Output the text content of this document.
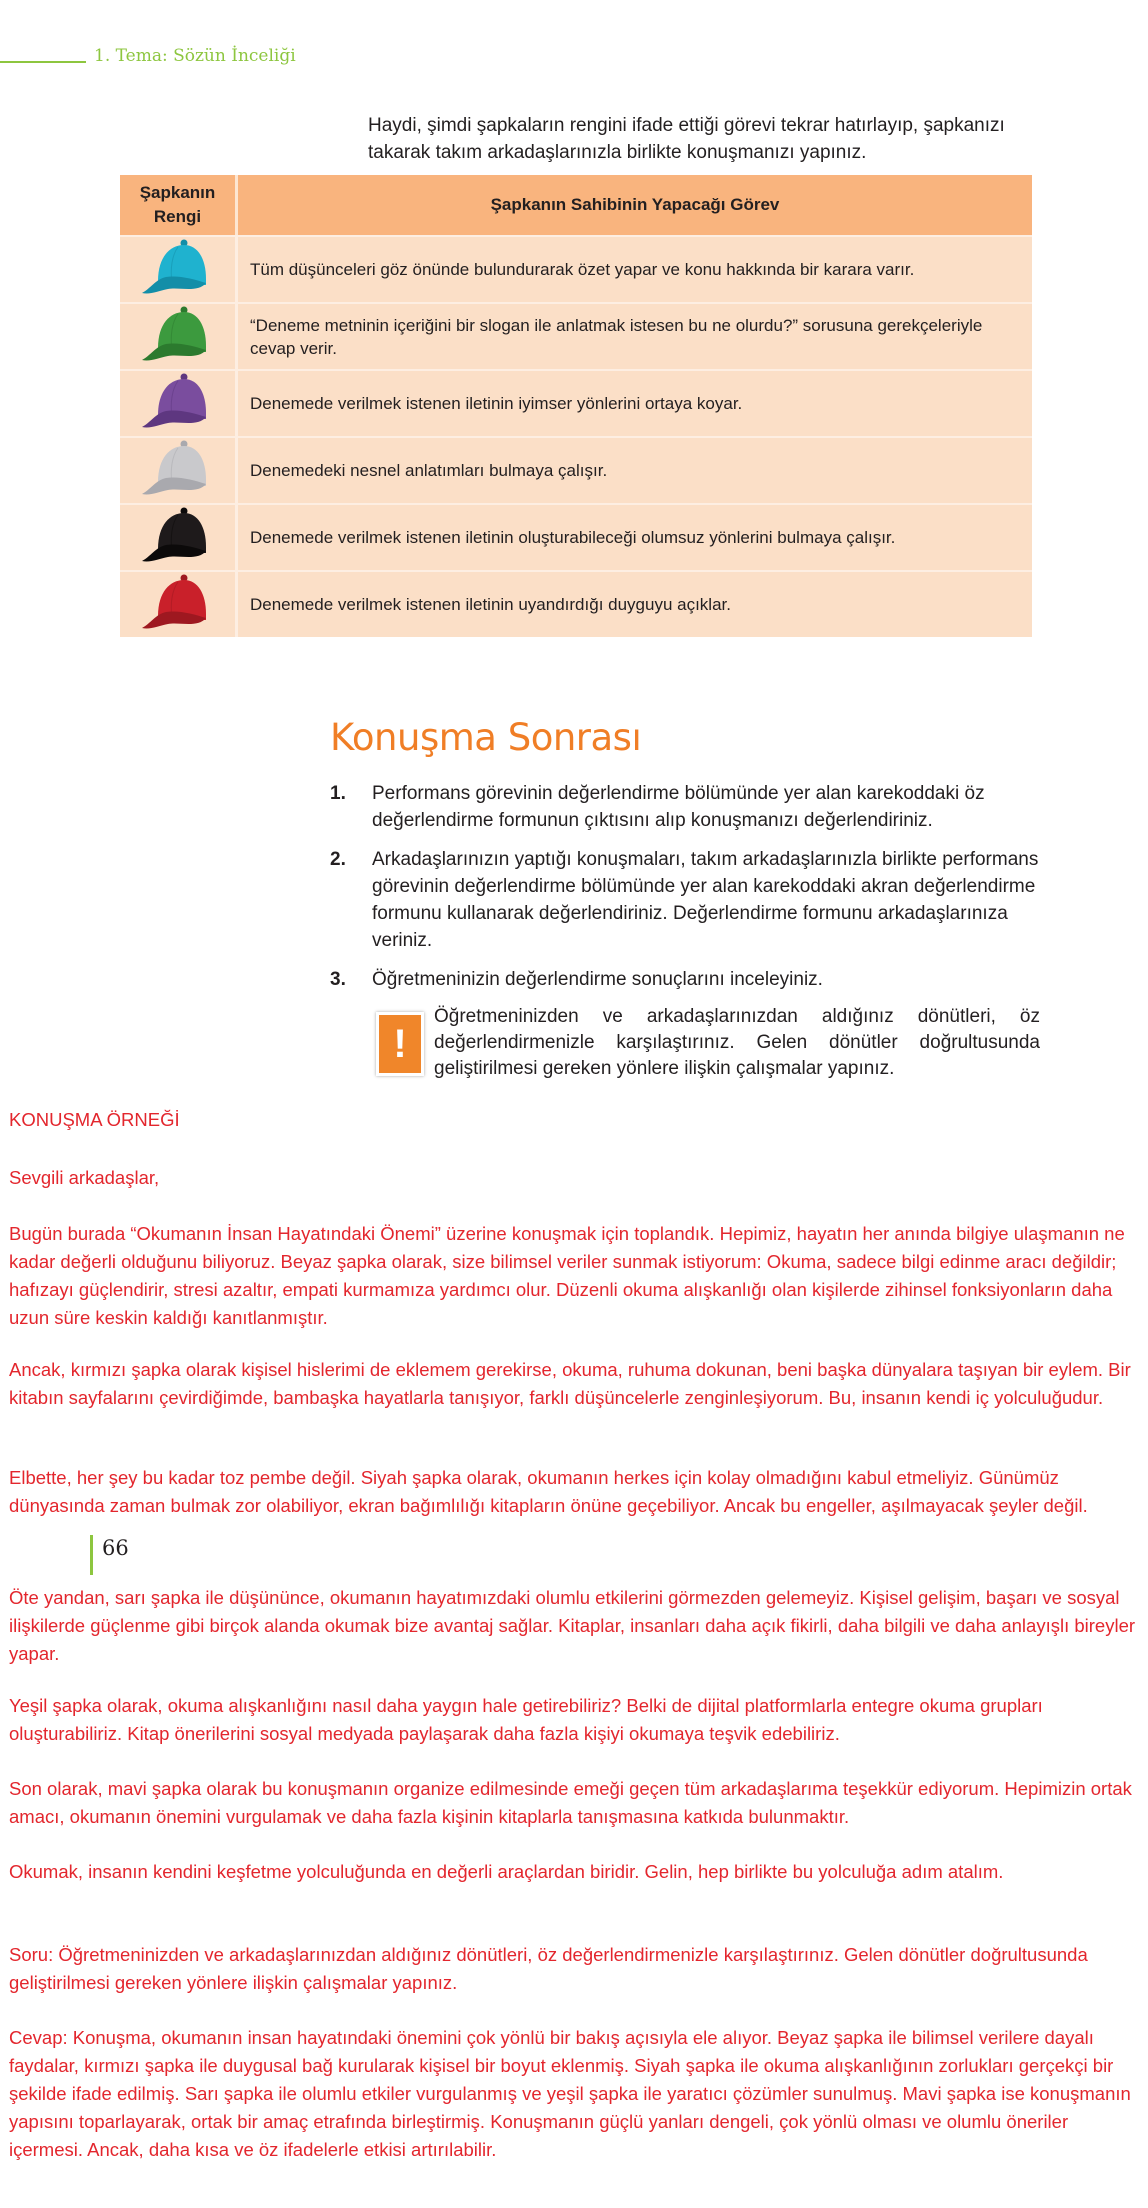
1. Tema: Sözün İnceliği
Haydi, şimdi şapkaların rengini ifade ettiği görevi tekrar hatırlayıp, şapkanızı takarak takım arkadaşlarınızla birlikte konuşmanızı yapınız.
Şapkanın
Rengi	Şapkanın Sahibinin Yapacağı Görev
	Tüm düşünceleri göz önünde bulundurarak özet yapar ve konu hakkında bir karara varır.
	“Deneme metninin içeriğini bir slogan ile anlatmak istesen bu ne olurdu?” sorusuna gerekçeleriyle cevap verir.
	Denemede verilmek istenen iletinin iyimser yönlerini ortaya koyar.
	Denemedeki nesnel anlatımları bulmaya çalışır.
	Denemede verilmek istenen iletinin oluşturabileceği olumsuz yönlerini bulmaya çalışır.
	Denemede verilmek istenen iletinin uyandırdığı duyguyu açıklar.
Konuşma Sonrası
1. Performans görevinin değerlendirme bölümünde yer alan karekoddaki öz değerlendirme formunun çıktısını alıp konuşmanızı değerlendiriniz.
2. Arkadaşlarınızın yaptığı konuşmaları, takım arkadaşlarınızla birlikte performans görevinin değerlendirme bölümünde yer alan karekoddaki akran değerlendirme formunu kullanarak değerlendiriniz. Değerlendirme formunu arkadaşlarınıza veriniz.
3. Öğretmeninizin değerlendirme sonuçlarını inceleyiniz.
!
Öğretmeninizden ve arkadaşlarınızdan aldığınız dönütleri, öz değerlendirmenizle karşılaştırınız. Gelen dönütler doğrultusunda geliştirilmesi gereken yönlere ilişkin çalışmalar yapınız.
KONUŞMA ÖRNEĞİ
Sevgili arkadaşlar,
Bugün burada “Okumanın İnsan Hayatındaki Önemi” üzerine konuşmak için toplandık. Hepimiz, hayatın her anında bilgiye ulaşmanın ne kadar değerli olduğunu biliyoruz. Beyaz şapka olarak, size bilimsel veriler sunmak istiyorum: Okuma, sadece bilgi edinme aracı değildir; hafızayı güçlendirir, stresi azaltır, empati kurmamıza yardımcı olur. Düzenli okuma alışkanlığı olan kişilerde zihinsel fonksiyonların daha uzun süre keskin kaldığı kanıtlanmıştır.
Ancak, kırmızı şapka olarak kişisel hislerimi de eklemem gerekirse, okuma, ruhuma dokunan, beni başka dünyalara taşıyan bir eylem. Bir kitabın sayfalarını çevirdiğimde, bambaşka hayatlarla tanışıyor, farklı düşüncelerle zenginleşiyorum. Bu, insanın kendi iç yolculuğudur.
Elbette, her şey bu kadar toz pembe değil. Siyah şapka olarak, okumanın herkes için kolay olmadığını kabul etmeliyiz. Günümüz dünyasında zaman bulmak zor olabiliyor, ekran bağımlılığı kitapların önüne geçebiliyor. Ancak bu engeller, aşılmayacak şeyler değil.
Öte yandan, sarı şapka ile düşününce, okumanın hayatımızdaki olumlu etkilerini görmezden gelemeyiz. Kişisel gelişim, başarı ve sosyal ilişkilerde güçlenme gibi birçok alanda okumak bize avantaj sağlar. Kitaplar, insanları daha açık fikirli, daha bilgili ve daha anlayışlı bireyler yapar.
Yeşil şapka olarak, okuma alışkanlığını nasıl daha yaygın hale getirebiliriz? Belki de dijital platformlarla entegre okuma grupları oluşturabiliriz. Kitap önerilerini sosyal medyada paylaşarak daha fazla kişiyi okumaya teşvik edebiliriz.
Son olarak, mavi şapka olarak bu konuşmanın organize edilmesinde emeği geçen tüm arkadaşlarıma teşekkür ediyorum. Hepimizin ortak amacı, okumanın önemini vurgulamak ve daha fazla kişinin kitaplarla tanışmasına katkıda bulunmaktır.
Okumak, insanın kendini keşfetme yolculuğunda en değerli araçlardan biridir. Gelin, hep birlikte bu yolculuğa adım atalım.
Soru: Öğretmeninizden ve arkadaşlarınızdan aldığınız dönütleri, öz değerlendirmenizle karşılaştırınız. Gelen dönütler doğrultusunda geliştirilmesi gereken yönlere ilişkin çalışmalar yapınız.
Cevap: Konuşma, okumanın insan hayatındaki önemini çok yönlü bir bakış açısıyla ele alıyor. Beyaz şapka ile bilimsel verilere dayalı faydalar, kırmızı şapka ile duygusal bağ kurularak kişisel bir boyut eklenmiş. Siyah şapka ile okuma alışkanlığının zorlukları gerçekçi bir şekilde ifade edilmiş. Sarı şapka ile olumlu etkiler vurgulanmış ve yeşil şapka ile yaratıcı çözümler sunulmuş. Mavi şapka ise konuşmanın yapısını toparlayarak, ortak bir amaç etrafında birleştirmiş. Konuşmanın güçlü yanları dengeli, çok yönlü olması ve olumlu öneriler içermesi. Ancak, daha kısa ve öz ifadelerle etkisi artırılabilir.
66
